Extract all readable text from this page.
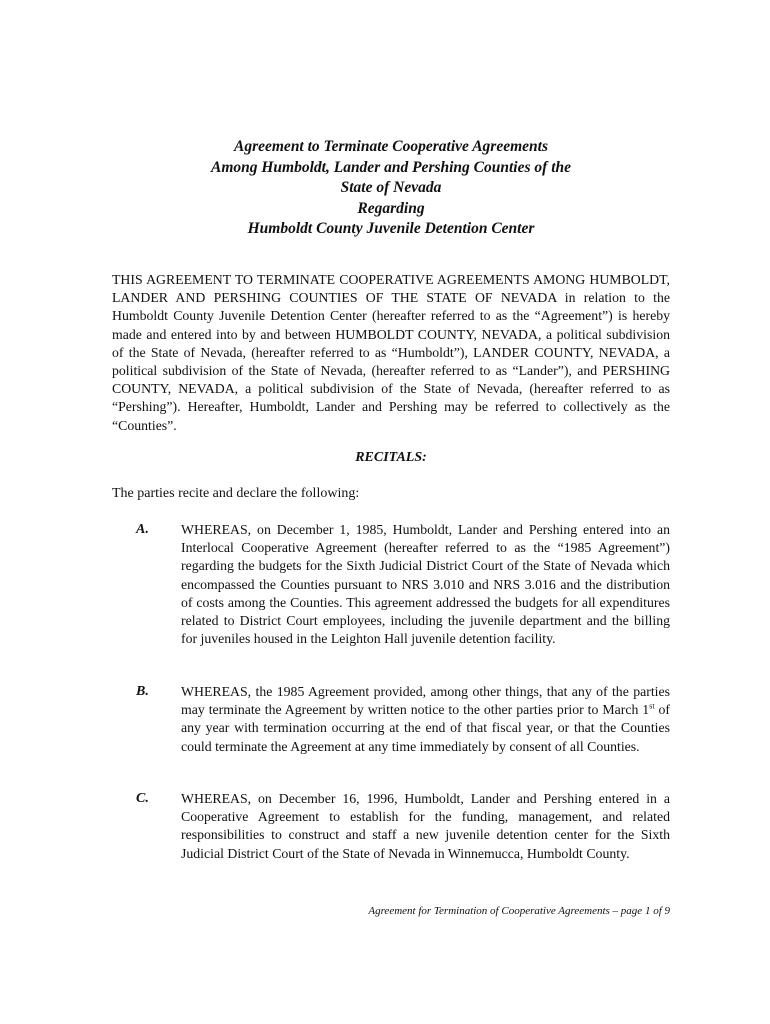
Agreement to Terminate Cooperative Agreements
Among Humboldt, Lander and Pershing Counties of the
State of Nevada
Regarding
Humboldt County Juvenile Detention Center

THIS AGREEMENT TO TERMINATE COOPERATIVE AGREEMENTS AMONG HUMBOLDT, LANDER AND PERSHING COUNTIES OF THE STATE OF NEVADA in relation to the Humboldt County Juvenile Detention Center (hereafter referred to as the “Agreement”) is hereby made and entered into by and between HUMBOLDT COUNTY, NEVADA, a political subdivision of the State of Nevada, (hereafter referred to as “Humboldt”), LANDER COUNTY, NEVADA, a political subdivision of the State of Nevada, (hereafter referred to as “Lander”), and PERSHING COUNTY, NEVADA, a political subdivision of the State of Nevada, (hereafter referred to as “Pershing”). Hereafter, Humboldt, Lander and Pershing may be referred to collectively as the “Counties”.

RECITALS:
The parties recite and declare the following:
A. WHEREAS, on December 1, 1985, Humboldt, Lander and Pershing entered into an Interlocal Cooperative Agreement (hereafter referred to as the “1985 Agreement”) regarding the budgets for the Sixth Judicial District Court of the State of Nevada which encompassed the Counties pursuant to NRS 3.010 and NRS 3.016 and the distribution of costs among the Counties. This agreement addressed the budgets for all expenditures related to District Court employees, including the juvenile department and the billing for juveniles housed in the Leighton Hall juvenile detention facility.
B. WHEREAS, the 1985 Agreement provided, among other things, that any of the parties may terminate the Agreement by written notice to the other parties prior to March 1st of any year with termination occurring at the end of that fiscal year, or that the Counties could terminate the Agreement at any time immediately by consent of all Counties.
C. WHEREAS, on December 16, 1996, Humboldt, Lander and Pershing entered in a Cooperative Agreement to establish for the funding, management, and related responsibilities to construct and staff a new juvenile detention center for the Sixth Judicial District Court of the State of Nevada in Winnemucca, Humboldt County.
Agreement for Termination of Cooperative Agreements – page 1 of 9
